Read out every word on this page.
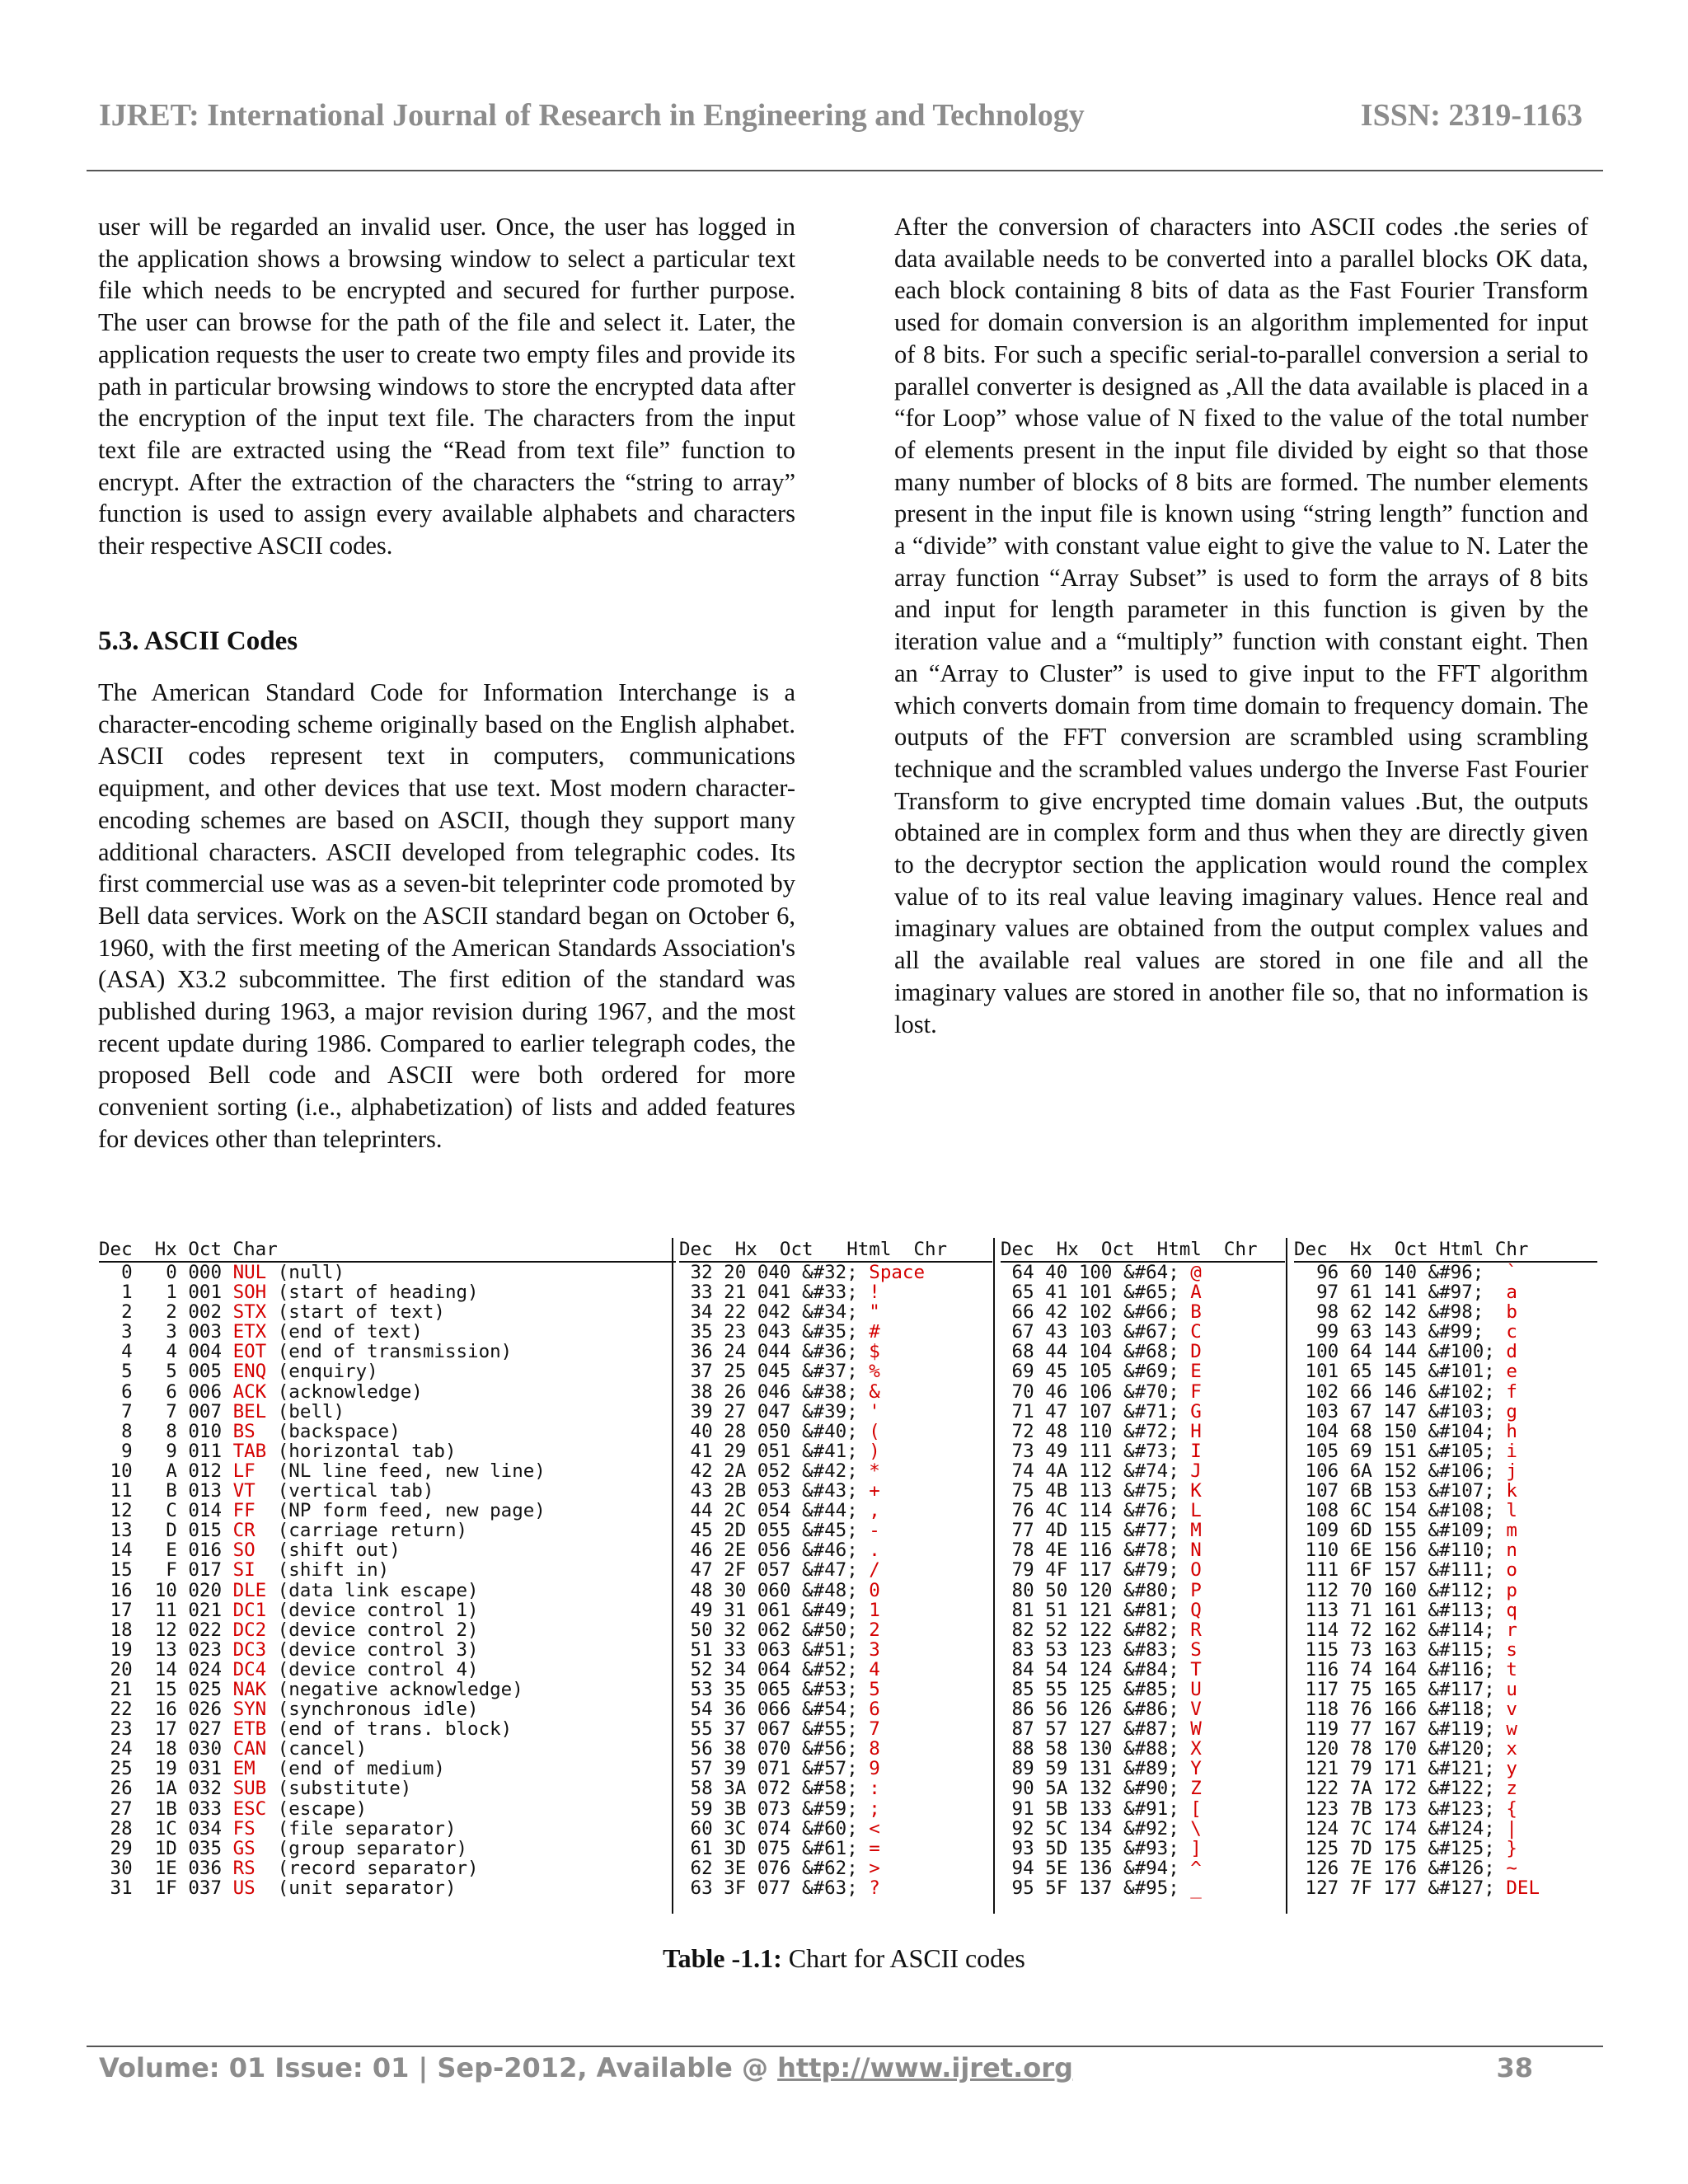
IJRET: International Journal of Research in Engineering and Technology	ISSN: 2319-1163

user will be regarded an invalid user. Once, the user has logged in the application shows a browsing window to select a particular text file which needs to be encrypted and secured for further purpose. The user can browse for the path of the file and select it. Later, the application requests the user to create two empty files and provide its path in particular browsing windows to store the encrypted data after the encryption of the input text file. The characters from the input text file are extracted using the “Read from text file” function to encrypt. After the extraction of the characters the “string to array” function is used to assign every available alphabets and characters their respective ASCII codes.

5.3. ASCII Codes

The American Standard Code for Information Interchange is a character-encoding scheme originally based on the English alphabet. ASCII codes represent text in computers, communications equipment, and other devices that use text. Most modern character-encoding schemes are based on ASCII, though they support many additional characters. ASCII developed from telegraphic codes. Its first commercial use was as a seven-bit teleprinter code promoted by Bell data services. Work on the ASCII standard began on October 6, 1960, with the first meeting of the American Standards Association's (ASA) X3.2 subcommittee. The first edition of the standard was published during 1963, a major revision during 1967, and the most recent update during 1986. Compared to earlier telegraph codes, the proposed Bell code and ASCII were both ordered for more convenient sorting (i.e., alphabetization) of lists and added features for devices other than teleprinters.

After the conversion of characters into ASCII codes .the series of data available needs to be converted into a parallel blocks OK data, each block containing 8 bits of data as the Fast Fourier Transform used for domain conversion is an algorithm implemented for input of 8 bits. For such a specific serial-to-parallel conversion a serial to parallel converter is designed as ,All the data available is placed in a “for Loop” whose value of N fixed to the value of the total number of elements present in the input file divided by eight so that those many number of blocks of 8 bits are formed. The number elements present in the input file is known using “string length” function and a “divide” with constant value eight to give the value to N. Later the array function “Array Subset” is used to form the arrays of 8 bits and input for length parameter in this function is given by the iteration value and a “multiply” function with constant eight. Then an “Array to Cluster” is used to give input to the FFT algorithm which converts domain from time domain to frequency domain. The outputs of the FFT conversion are scrambled using scrambling technique and the scrambled values undergo the Inverse Fast Fourier Transform to give encrypted time domain values .But, the outputs obtained are in complex form and thus when they are directly given to the decryptor section the application would round the complex value of to its real value leaving imaginary values. Hence real and imaginary values are obtained from the output complex values and all the available real values are stored in one file and all the imaginary values are stored in another file so, that no information is lost.

Dec  Hx Oct Char
0   0 000 NUL (null)
1   1 001 SOH (start of heading)
2   2 002 STX (start of text)
3   3 003 ETX (end of text)
4   4 004 EOT (end of transmission)
5   5 005 ENQ (enquiry)
6   6 006 ACK (acknowledge)
7   7 007 BEL (bell)
8   8 010 BS  (backspace)
9   9 011 TAB (horizontal tab)
10   A 012 LF  (NL line feed, new line)
11   B 013 VT  (vertical tab)
12   C 014 FF  (NP form feed, new page)
13   D 015 CR  (carriage return)
14   E 016 SO  (shift out)
15   F 017 SI  (shift in)
16  10 020 DLE (data link escape)
17  11 021 DC1 (device control 1)
18  12 022 DC2 (device control 2)
19  13 023 DC3 (device control 3)
20  14 024 DC4 (device control 4)
21  15 025 NAK (negative acknowledge)
22  16 026 SYN (synchronous idle)
23  17 027 ETB (end of trans. block)
24  18 030 CAN (cancel)
25  19 031 EM  (end of medium)
26  1A 032 SUB (substitute)
27  1B 033 ESC (escape)
28  1C 034 FS  (file separator)
29  1D 035 GS  (group separator)
30  1E 036 RS  (record separator)
31  1F 037 US  (unit separator)
Dec  Hx  Oct   Html  Chr
32 20 040 &#32; Space
33 21 041 &#33; !
34 22 042 &#34; "
35 23 043 &#35; #
36 24 044 &#36; $
37 25 045 &#37; %
38 26 046 &#38; &
39 27 047 &#39; '
40 28 050 &#40; (
41 29 051 &#41; )
42 2A 052 &#42; *
43 2B 053 &#43; +
44 2C 054 &#44; ,
45 2D 055 &#45; -
46 2E 056 &#46; .
47 2F 057 &#47; /
48 30 060 &#48; 0
49 31 061 &#49; 1
50 32 062 &#50; 2
51 33 063 &#51; 3
52 34 064 &#52; 4
53 35 065 &#53; 5
54 36 066 &#54; 6
55 37 067 &#55; 7
56 38 070 &#56; 8
57 39 071 &#57; 9
58 3A 072 &#58; :
59 3B 073 &#59; ;
60 3C 074 &#60; <
61 3D 075 &#61; =
62 3E 076 &#62; >
63 3F 077 &#63; ?
Dec  Hx  Oct  Html  Chr
64 40 100 &#64; @
65 41 101 &#65; A
66 42 102 &#66; B
67 43 103 &#67; C
68 44 104 &#68; D
69 45 105 &#69; E
70 46 106 &#70; F
71 47 107 &#71; G
72 48 110 &#72; H
73 49 111 &#73; I
74 4A 112 &#74; J
75 4B 113 &#75; K
76 4C 114 &#76; L
77 4D 115 &#77; M
78 4E 116 &#78; N
79 4F 117 &#79; O
80 50 120 &#80; P
81 51 121 &#81; Q
82 52 122 &#82; R
83 53 123 &#83; S
84 54 124 &#84; T
85 55 125 &#85; U
86 56 126 &#86; V
87 57 127 &#87; W
88 58 130 &#88; X
89 59 131 &#89; Y
90 5A 132 &#90; Z
91 5B 133 &#91; [
92 5C 134 &#92; \
93 5D 135 &#93; ]
94 5E 136 &#94; ^
95 5F 137 &#95; _
Dec  Hx  Oct Html Chr
96 60 140 &#96;  `
97 61 141 &#97;  a
98 62 142 &#98;  b
99 63 143 &#99;  c
100 64 144 &#100; d
101 65 145 &#101; e
102 66 146 &#102; f
103 67 147 &#103; g
104 68 150 &#104; h
105 69 151 &#105; i
106 6A 152 &#106; j
107 6B 153 &#107; k
108 6C 154 &#108; l
109 6D 155 &#109; m
110 6E 156 &#110; n
111 6F 157 &#111; o
112 70 160 &#112; p
113 71 161 &#113; q
114 72 162 &#114; r
115 73 163 &#115; s
116 74 164 &#116; t
117 75 165 &#117; u
118 76 166 &#118; v
119 77 167 &#119; w
120 78 170 &#120; x
121 79 171 &#121; y
122 7A 172 &#122; z
123 7B 173 &#123; {
124 7C 174 &#124; |
125 7D 175 &#125; }
126 7E 176 &#126; ~
127 7F 177 &#127; DEL
Table -1.1: Chart for ASCII codes
Volume: 01 Issue: 01 | Sep-2012, Available @ http://www.ijret.org	38
